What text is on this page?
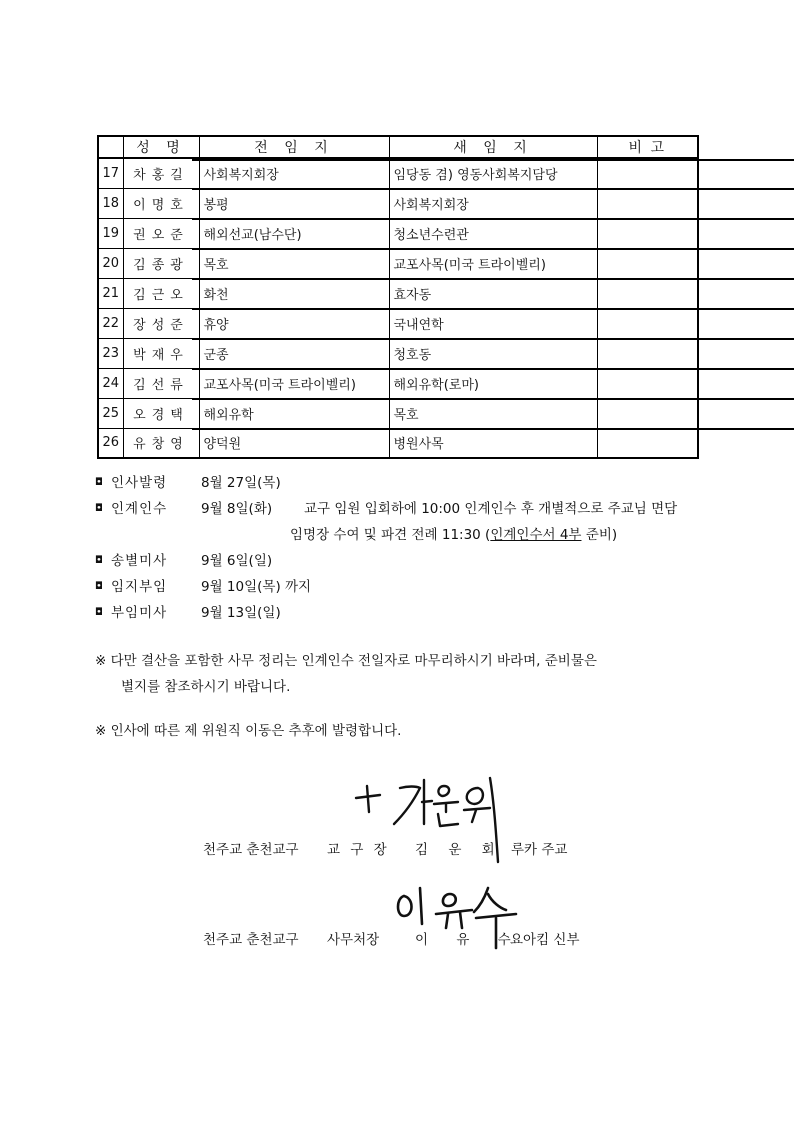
	성 명	전 임 지	새 임 지	비 고
17	차홍길	사회복지회장	임당동 겸) 영동사회복지담당	

18	이명호	봉평	사회복지회장	

19	권오준	해외선교(남수단)	청소년수련관	

20	김종광	목호	교포사목(미국 트라이벨리)	

21	김근오	화천	효자동	

22	장성준	휴양	국내연학	

23	박재우	군종	청호동	

24	김선류	교포사목(미국 트라이벨리)	해외유학(로마)	

25	오경택	해외유학	목호	

26	유창영	양덕원	병원사목	
◘ 인사발령	8월 27일(목)
◘ 인계인수	9월 8일(화) 교구 임원 입회하에 10:00 인계인수 후 개별적으로 주교님 면담
임명장 수여 및 파견 전례 11:30 (인계인수서 4부 준비)
◘ 송별미사	9월 6일(일)
◘ 임지부임	9월 10일(목) 까지
◘ 부임미사	9월 13일(일)
※ 다만 결산을 포함한 사무 정리는 인계인수 전일자로 마무리하시기 바라며, 준비물은
별지를 참조하시기 바랍니다.
※ 인사에 따른 제 위원직 이동은 추후에 발령합니다.
천주교 춘천교구 교 구 장 김 운 회 루카 주교
천주교 춘천교구 사무처장	이 유 수
요아킴 신부
